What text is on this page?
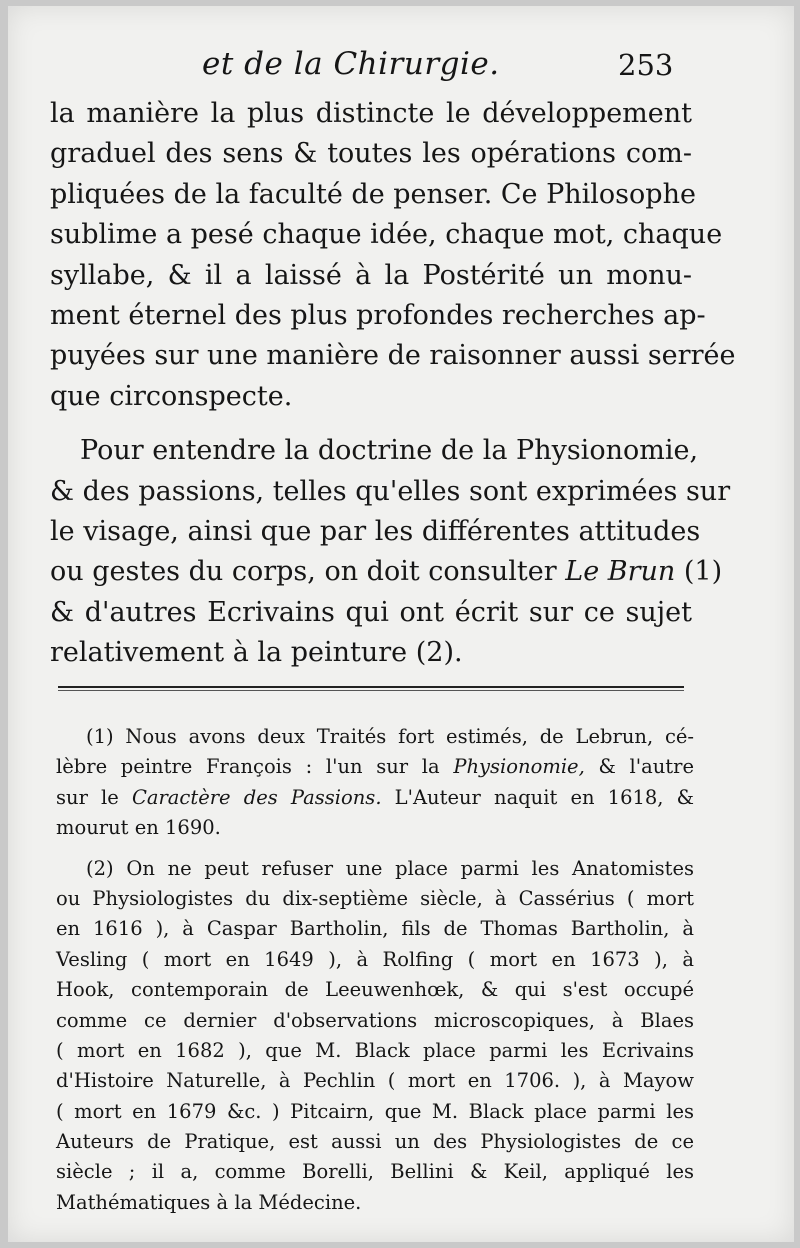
et de la Chirurgie.	253
la manière la plus distincte le développement
graduel des sens & toutes les opérations com-
pliquées de la faculté de penser. Ce Philosophe
sublime a pesé chaque idée, chaque mot, chaque
syllabe, & il a laissé à la Postérité un monu-
ment éternel des plus profondes recherches ap-
puyées sur une manière de raisonner aussi serrée
que circonspecte.
Pour entendre la doctrine de la Physionomie,
& des passions, telles qu'elles sont exprimées sur
le visage, ainsi que par les différentes attitudes
ou gestes du corps, on doit consulter Le Brun (1)
& d'autres Ecrivains qui ont écrit sur ce sujet
relativement à la peinture (2).
(1) Nous avons deux Traités fort estimés, de Lebrun, cé-
lèbre peintre François : l'un sur la Physionomie, & l'autre
sur le Caractère des Passions. L'Auteur naquit en 1618, &
mourut en 1690.
(2) On ne peut refuser une place parmi les Anatomistes
ou Physiologistes du dix-septième siècle, à Cassérius ( mort
en 1616 ), à Caspar Bartholin, fils de Thomas Bartholin, à
Vesling ( mort en 1649 ), à Rolfing ( mort en 1673 ), à
Hook, contemporain de Leeuwenhœk, & qui s'est occupé
comme ce dernier d'observations microscopiques, à Blaes
( mort en 1682 ), que M. Black place parmi les Ecrivains
d'Histoire Naturelle, à Pechlin ( mort en 1706. ), à Mayow
( mort en 1679 &c. ) Pitcairn, que M. Black place parmi les
Auteurs de Pratique, est aussi un des Physiologistes de ce
siècle ; il a, comme Borelli, Bellini & Keil, appliqué les
Mathématiques à la Médecine.
